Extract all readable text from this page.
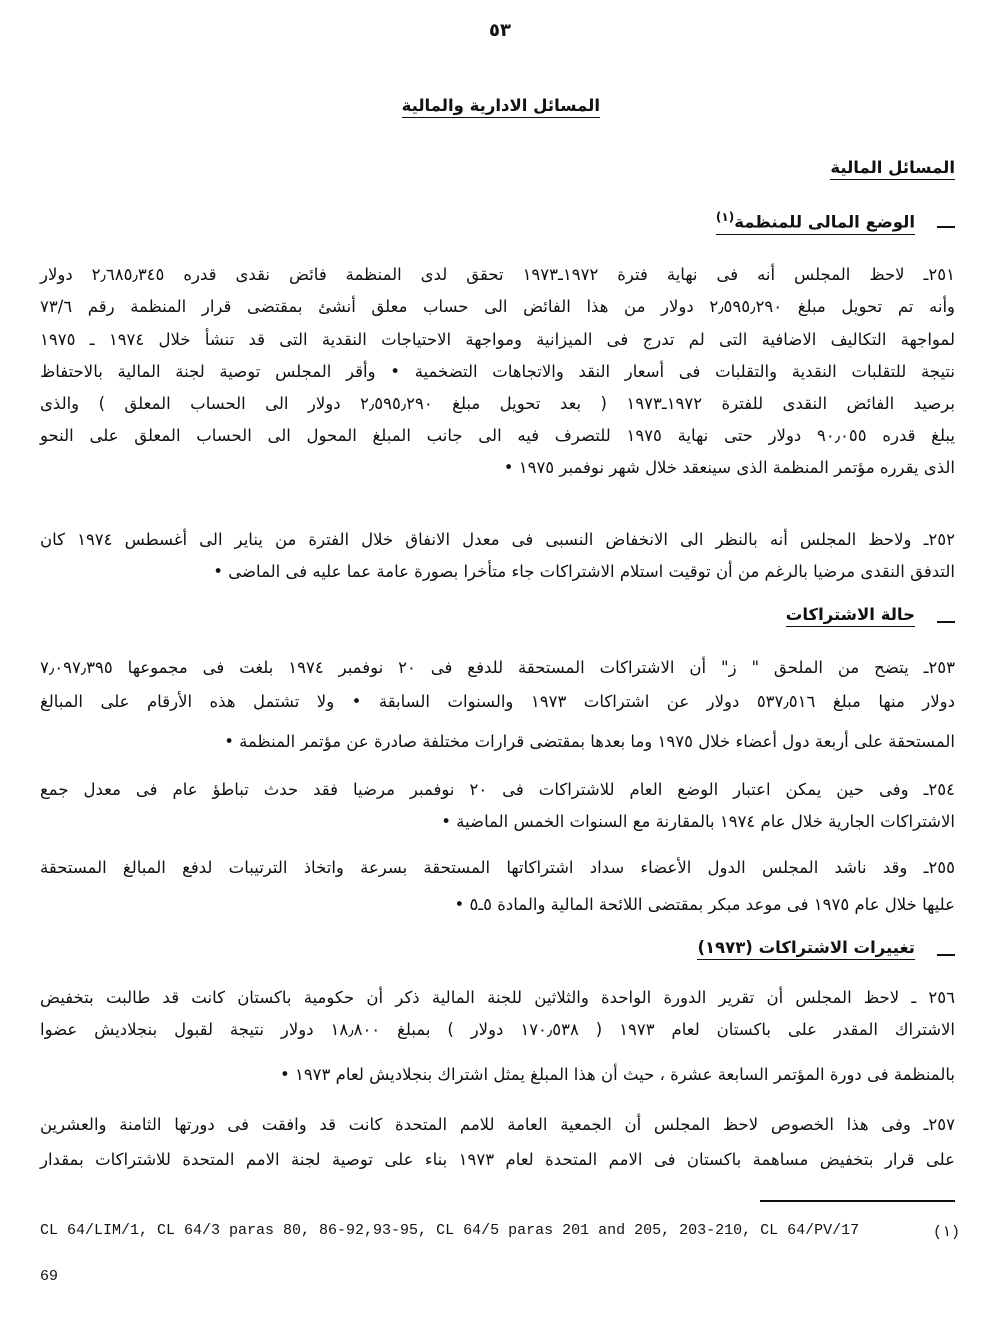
٥٣
المسائل الادارية والمالية
المسائل المالية
الوضع المالى للمنظمة$^{(١)}$
حالة الاشتراكات
تغييرات الاشتراكات (١٩٧٣)
٢٥١ـ لاحظ المجلس أنه فى نهاية فترة ١٩٧٢ـ١٩٧٣ تحقق لدى المنظمة فائض نقدى قدره ٢٫٦٨٥٫٣٤٥ دولار
وأنه تم تحويل مبلغ ٢٫٥٩٥٫٢٩٠ دولار من هذا الفائض الى حساب معلق أنشئ بمقتضى قرار المنظمة رقم ٧٣/٦
لمواجهة التكاليف الاضافية التى لم تدرج فى الميزانية ومواجهة الاحتياجات النقدية التى قد تنشأ خلال ١٩٧٤ ـ ١٩٧٥
نتيجة للتقلبات النقدية والتقلبات فى أسعار النقد والاتجاهات التضخمية • وأقر المجلس توصية لجنة المالية بالاحتفاظ
برصيد الفائض النقدى للفترة ١٩٧٢ـ١٩٧٣ ( بعد تحويل مبلغ ٢٫٥٩٥٫٢٩٠ دولار الى الحساب المعلق ) والذى
يبلغ قدره ٩٠٫٠٥٥ دولار حتى نهاية ١٩٧٥ للتصرف فيه الى جانب المبلغ المحول الى الحساب المعلق على النحو
الذى يقرره مؤتمر المنظمة الذى سينعقد خلال شهر نوفمبر ١٩٧٥ •
٢٥٢ـ ولاحظ المجلس أنه بالنظر الى الانخفاض النسبى فى معدل الانفاق خلال الفترة من يناير الى أغسطس ١٩٧٤ كان
التدفق النقدى مرضيا بالرغم من أن توقيت استلام الاشتراكات جاء متأخرا بصورة عامة عما عليه فى الماضى •
٢٥٣ـ يتضح من الملحق " ز" أن الاشتراكات المستحقة للدفع فى ٢٠ نوفمبر ١٩٧٤ بلغت فى مجموعها ٧٫٠٩٧٫٣٩٥
دولار منها مبلغ ٥٣٧٫٥١٦ دولار عن اشتراكات ١٩٧٣ والسنوات السابقة • ولا تشتمل هذه الأرقام على المبالغ
المستحقة على أربعة دول أعضاء خلال ١٩٧٥ وما بعدها بمقتضى قرارات مختلفة صادرة عن مؤتمر المنظمة •
٢٥٤ـ وفى حين يمكن اعتبار الوضع العام للاشتراكات فى ٢٠ نوفمبر مرضيا فقد حدث تباطؤ عام فى معدل جمع
الاشتراكات الجارية خلال عام ١٩٧٤ بالمقارنة مع السنوات الخمس الماضية •
٢٥٥ـ وقد ناشد المجلس الدول الأعضاء سداد اشتراكاتها المستحقة بسرعة واتخاذ الترتيبات لدفع المبالغ المستحقة
عليها خلال عام ١٩٧٥ فى موعد مبكر بمقتضى اللائحة المالية والمادة ٥ـ٥ •
٢٥٦ ـ لاحظ المجلس أن تقرير الدورة الواحدة والثلاثين للجنة المالية ذكر أن حكومية باكستان كانت قد طالبت بتخفيض
الاشتراك المقدر على باكستان لعام ١٩٧٣ ( ١٧٠٫٥٣٨ دولار ) بمبلغ ١٨٫٨٠٠ دولار نتيجة لقبول بنجلاديش عضوا
بالمنظمة فى دورة المؤتمر السابعة عشرة ، حيث أن هذا المبلغ يمثل اشتراك بنجلاديش لعام ١٩٧٣ •
٢٥٧ـ وفى هذا الخصوص لاحظ المجلس أن الجمعية العامة للامم المتحدة كانت قد وافقت فى دورتها الثامنة والعشرين
على قرار بتخفيض مساهمة باكستان فى الامم المتحدة لعام ١٩٧٣ بناء على توصية لجنة الامم المتحدة للاشتراكات بمقدار
CL 64/LIM/1, CL 64/3 paras 80, 86-92,93-95, CL 64/5 paras 201 and 205, 203-210, CL 64/PV/17	(١)
69
